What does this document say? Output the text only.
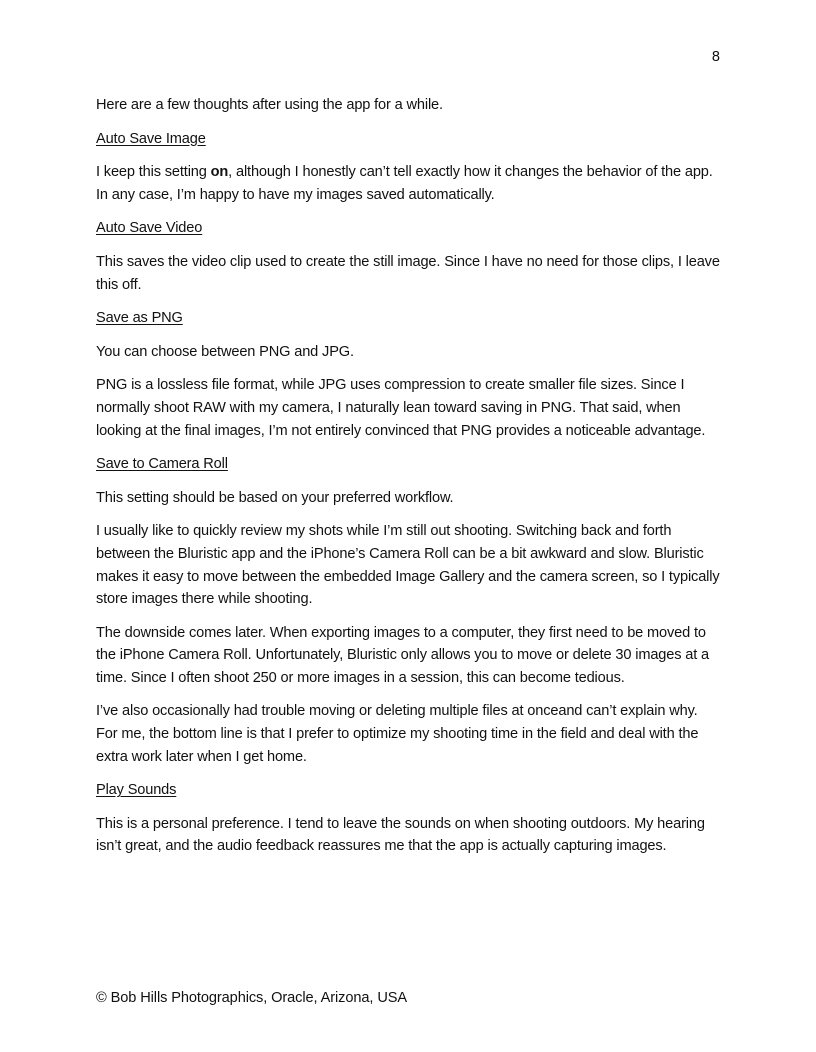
8

Here are a few thoughts after using the app for a while.

Auto Save Image

I keep this setting on, although I honestly can’t tell exactly how it changes the behavior of the app. In any case, I’m happy to have my images saved automatically.

Auto Save Video

This saves the video clip used to create the still image. Since I have no need for those clips, I leave this off.

Save as PNG

You can choose between PNG and JPG.

PNG is a lossless file format, while JPG uses compression to create smaller file sizes. Since I normally shoot RAW with my camera, I naturally lean toward saving in PNG. That said, when looking at the final images, I’m not entirely convinced that PNG provides a noticeable advantage.

Save to Camera Roll

This setting should be based on your preferred workflow.

I usually like to quickly review my shots while I’m still out shooting. Switching back and forth between the Bluristic app and the iPhone’s Camera Roll can be a bit awkward and slow. Bluristic makes it easy to move between the embedded Image Gallery and the camera screen, so I typically store images there while shooting.

The downside comes later. When exporting images to a computer, they first need to be moved to the iPhone Camera Roll. Unfortunately, Bluristic only allows you to move or delete 30 images at a time. Since I often shoot 250 or more images in a session, this can become tedious.

I’ve also occasionally had trouble moving or deleting multiple files at onceand can’t explain why. For me, the bottom line is that I prefer to optimize my shooting time in the field and deal with the extra work later when I get home.

Play Sounds

This is a personal preference. I tend to leave the sounds on when shooting outdoors. My hearing isn’t great, and the audio feedback reassures me that the app is actually capturing images.

© Bob Hills Photographics, Oracle, Arizona, USA
